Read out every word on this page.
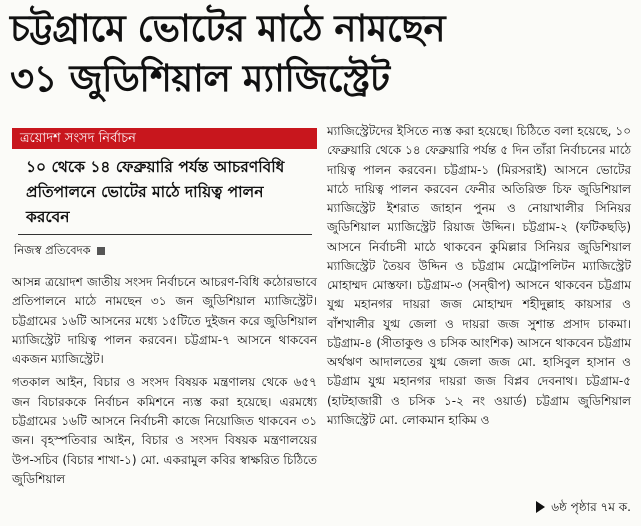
চট্টগ্রামে ভোটের মাঠে নামছেন
৩১ জুডিশিয়াল ম্যাজিস্ট্রেট
ত্রয়োদশ সংসদ নির্বাচন
১০ থেকে ১৪ ফেব্রুয়ারি পর্যন্ত আচরণবিধি প্রতিপালনে ভোটের মাঠে দায়িত্ব পালন করবেন
নিজস্ব প্রতিবেদক

আসন্ন ত্রয়োদশ জাতীয় সংসদ নির্বাচনে আচরণ-বিধি কঠোরভাবে প্রতিপালনে মাঠে নামছেন ৩১ জন জুডিশিয়াল ম্যাজিস্ট্রেট। চট্টগ্রামের ১৬টি আসনের মধ্যে ১৫টিতে দুইজন করে জুডিশিয়াল ম্যাজিস্ট্রেট দায়িত্ব পালন করবেন। চট্টগ্রাম-৭ আসনে থাকবেন একজন ম্যাজিস্ট্রেট।

গতকাল আইন, বিচার ও সংসদ বিষয়ক মন্ত্রণালয় থেকে ৬৫৭ জন বিচারককে নির্বাচন কমিশনে ন্যস্ত করা হয়েছে। এরমধ্যে চট্টগ্রামের ১৬টি আসনে নির্বাচনী কাজে নিয়োজিত থাকবেন ৩১ জন। বৃহস্পতিবার আইন, বিচার ও সংসদ বিষয়ক মন্ত্রণালয়ের উপ-সচিব (বিচার শাখা-১) মো. একরামুল কবির স্বাক্ষরিত চিঠিতে জুডিশিয়াল

ম্যাজিস্ট্রেটদের ইসিতে ন্যস্ত করা হয়েছে। চিঠিতে বলা হয়েছে, ১০ ফেব্রুয়ারি থেকে ১৪ ফেব্রুয়ারি পর্যন্ত ৫ দিন তাঁরা নির্বাচনের মাঠে দায়িত্ব পালন করবেন। চট্টগ্রাম-১ (মিরসরাই) আসনে ভোটের মাঠে দায়িত্ব পালন করবেন ফেনীর অতিরিক্ত চিফ জুডিশিয়াল ম্যাজিস্ট্রেট ইশরাত জাহান পুনম ও নোয়াখালীর সিনিয়র জুডিশিয়াল ম্যাজিস্ট্রেট রিয়াজ উদ্দিন। চট্টগ্রাম-২ (ফটিকছড়ি) আসনে নির্বাচনী মাঠে থাকবেন কুমিল্লার সিনিয়র জুডিশিয়াল ম্যাজিস্ট্রেট তৈয়ব উদ্দিন ও চট্টগ্রাম মেট্রোপলিটন ম্যাজিস্ট্রেট মোহাম্মদ মোস্তফা। চট্টগ্রাম-৩ (সন্দ্বীপ) আসনে থাকবেন চট্টগ্রাম যুগ্ম মহানগর দায়রা জজ মোহাম্মদ শহীদুল্লাহ কায়সার ও বাঁশখালীর যুগ্ম জেলা ও দায়রা জজ সুশান্ত প্রসাদ চাকমা। চট্টগ্রাম-৪ (সীতাকুণ্ড ও চসিক আংশিক) আসনে থাকবেন চট্টগ্রাম অর্থঋণ আদালতের যুগ্ম জেলা জজ মো. হাসিবুল হাসান ও চট্টগ্রাম যুগ্ম মহানগর দায়রা জজ বিপ্লব দেবনাথ। চট্টগ্রাম-৫ (হাটহাজারী ও চসিক ১-২ নং ওয়ার্ড) চট্টগ্রাম জুডিশিয়াল ম্যাজিস্ট্রেট মো. লোকমান হাকিম ও

৬ষ্ঠ পৃষ্ঠার ৭ম ক.
